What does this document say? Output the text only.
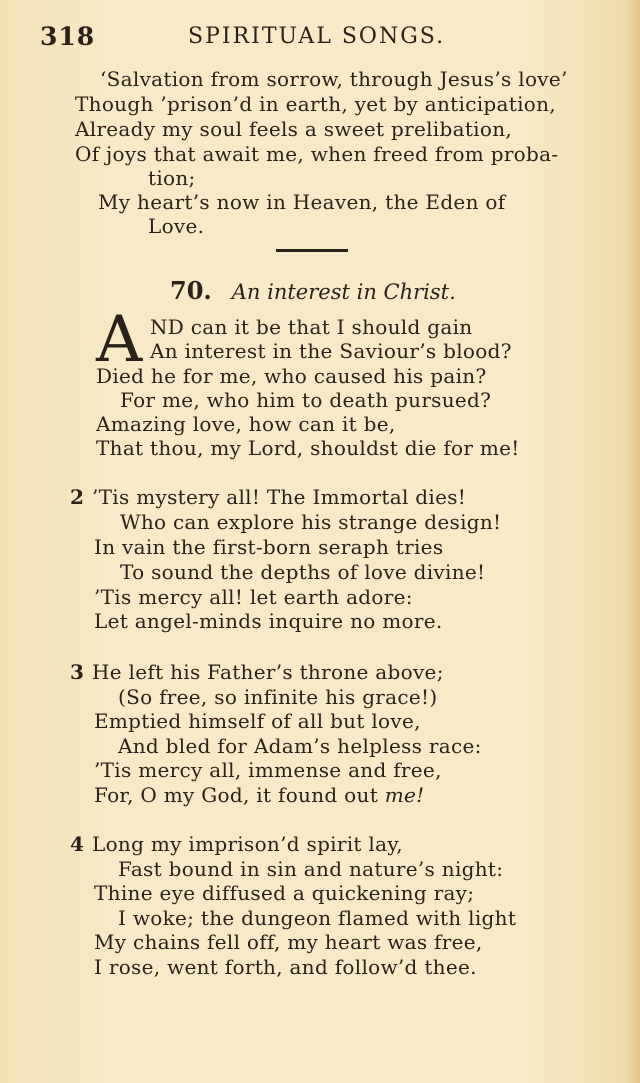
318	SPIRITUAL SONGS.
‘Salvation from sorrow, through Jesus’s love’
Though ’prison’d in earth, yet by anticipation,
Already my soul feels a sweet prelibation,
Of joys that await me, when freed from proba-
tion;
My heart’s now in Heaven, the Eden of
Love.
70. An interest in Christ.
A ND can it be that I should gain
An interest in the Saviour’s blood?
Died he for me, who caused his pain?
For me, who him to death pursued?
Amazing love, how can it be,
That thou, my Lord, shouldst die for me!
2 ’Tis mystery all! The Immortal dies!
Who can explore his strange design!
In vain the first-born seraph tries
To sound the depths of love divine!
’Tis mercy all! let earth adore:
Let angel-minds inquire no more.
3 He left his Father’s throne above;
(So free, so infinite his grace!)
Emptied himself of all but love,
And bled for Adam’s helpless race:
’Tis mercy all, immense and free,
For, O my God, it found out me!
4 Long my imprison’d spirit lay,
Fast bound in sin and nature’s night:
Thine eye diffused a quickening ray;
I woke; the dungeon flamed with light
My chains fell off, my heart was free,
I rose, went forth, and follow’d thee.
